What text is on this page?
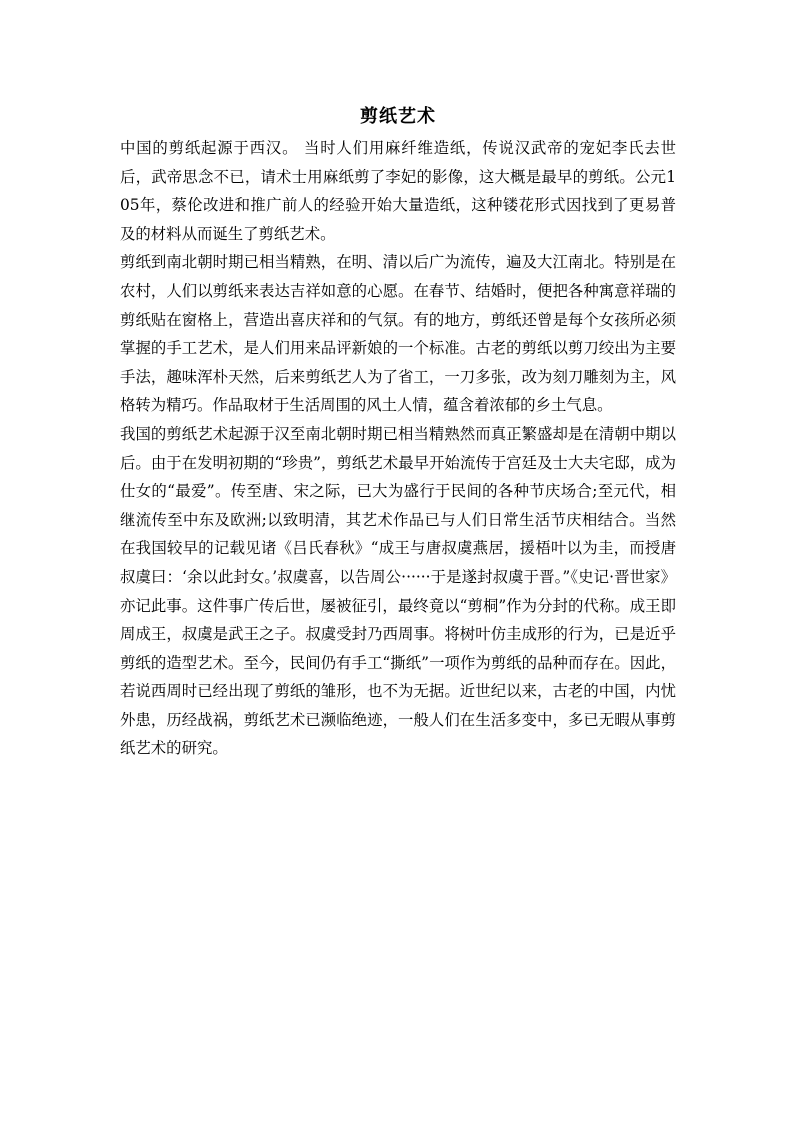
剪纸艺术

中国的剪纸起源于西汉。 当时人们用麻纤维造纸，传说汉武帝的宠妃李氏去世后，武帝思念不已，请术士用麻纸剪了李妃的影像，这大概是最早的剪纸。公元105年，蔡伦改进和推广前人的经验开始大量造纸，这种镂花形式因找到了更易普及的材料从而诞生了剪纸艺术。

剪纸到南北朝时期已相当精熟，在明、清以后广为流传，遍及大江南北。特别是在农村，人们以剪纸来表达吉祥如意的心愿。在春节、结婚时，便把各种寓意祥瑞的剪纸贴在窗格上，营造出喜庆祥和的气氛。有的地方，剪纸还曾是每个女孩所必须掌握的手工艺术，是人们用来品评新娘的一个标准。古老的剪纸以剪刀绞出为主要手法，趣味浑朴天然，后来剪纸艺人为了省工，一刀多张，改为刻刀雕刻为主，风格转为精巧。作品取材于生活周围的风土人情，蕴含着浓郁的乡土气息。

我国的剪纸艺术起源于汉至南北朝时期已相当精熟然而真正繁盛却是在清朝中期以后。由于在发明初期的“珍贵”，剪纸艺术最早开始流传于宫廷及士大夫宅邸，成为仕女的“最爱”。传至唐、宋之际，已大为盛行于民间的各种节庆场合;至元代，相继流传至中东及欧洲;以致明清，其艺术作品已与人们日常生活节庆相结合。当然在我国较早的记载见诸《吕氏春秋》“成王与唐叔虞燕居，援梧叶以为圭，而授唐叔虞曰：‘余以此封女。’叔虞喜，以告周公······于是遂封叔虞于晋。”《史记·晋世家》亦记此事。这件事广传后世，屡被征引，最终竟以“剪桐”作为分封的代称。成王即周成王，叔虞是武王之子。叔虞受封乃西周事。将树叶仿圭成形的行为，已是近乎剪纸的造型艺术。至今，民间仍有手工“撕纸”一项作为剪纸的品种而存在。因此，若说西周时已经出现了剪纸的雏形，也不为无据。近世纪以来，古老的中国，内忧外患，历经战祸，剪纸艺术已濒临绝迹，一般人们在生活多变中，多已无暇从事剪纸艺术的研究。
